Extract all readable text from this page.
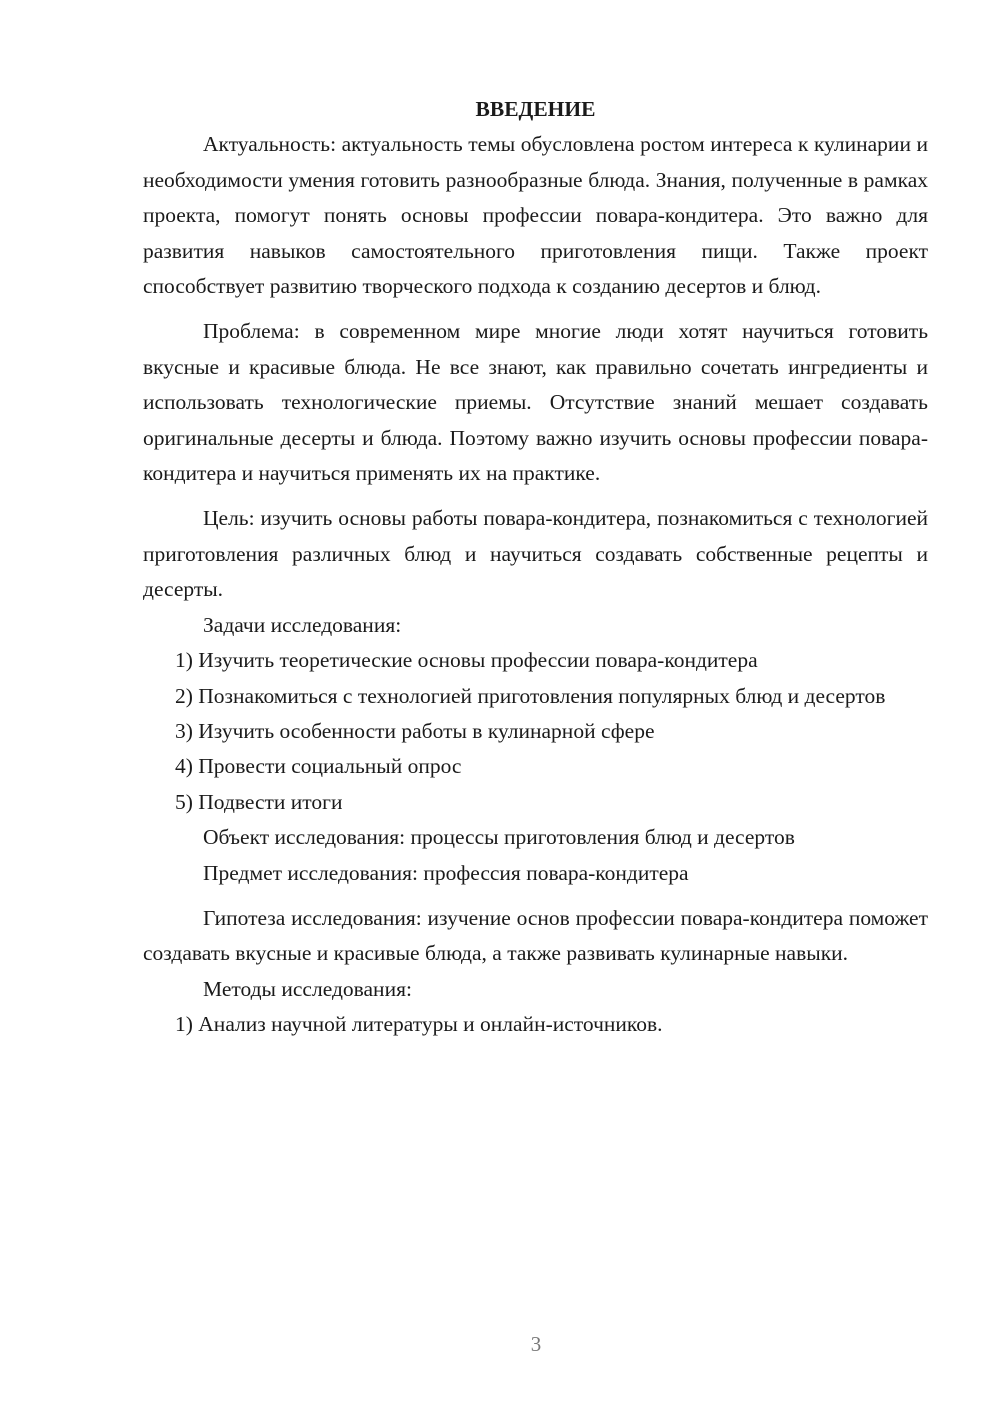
ВВЕДЕНИЕ

Актуальность: актуальность темы обусловлена ростом интереса к кулинарии и необходимости умения готовить разнообразные блюда. Знания, полученные в рамках проекта, помогут понять основы профессии повара-кондитера. Это важно для развития навыков самостоятельного приготовления пищи. Также проект способствует развитию творческого подхода к созданию десертов и блюд.

Проблема: в современном мире многие люди хотят научиться готовить вкусные и красивые блюда. Не все знают, как правильно сочетать ингредиенты и использовать технологические приемы. Отсутствие знаний мешает создавать оригинальные десерты и блюда. Поэтому важно изучить основы профессии повара-кондитера и научиться применять их на практике.

Цель: изучить основы работы повара-кондитера, познакомиться с технологией приготовления различных блюд и научиться создавать собственные рецепты и десерты.

Задачи исследования:

1) Изучить теоретические основы профессии повара-кондитера

2) Познакомиться с технологией приготовления популярных блюд и десертов

3) Изучить особенности работы в кулинарной сфере

4) Провести социальный опрос

5) Подвести итоги

Объект исследования: процессы приготовления блюд и десертов

Предмет исследования: профессия повара-кондитера

Гипотеза исследования: изучение основ профессии повара-кондитера поможет создавать вкусные и красивые блюда, а также развивать кулинарные навыки.

Методы исследования:

1) Анализ научной литературы и онлайн-источников.

3
